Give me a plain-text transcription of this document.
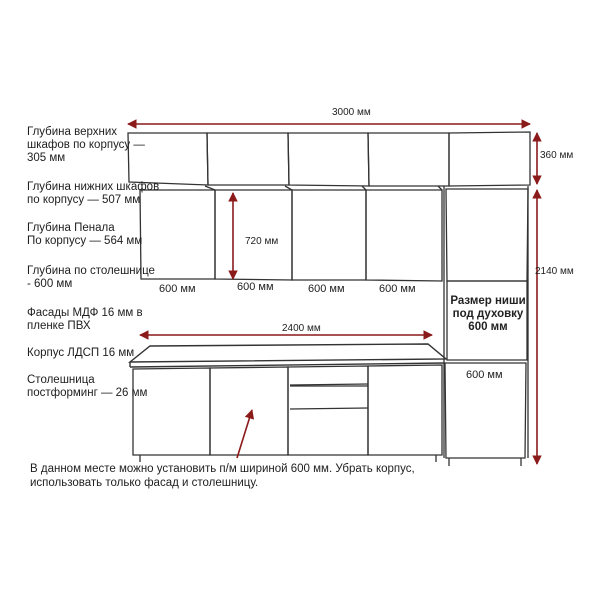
Глубина верхних
шкафов по корпусу —
305 мм
Глубина нижних шкафов
по корпусу — 507 мм
Глубина Пенала
По корпусу — 564 мм
Глубина по столешнице
- 600 мм
Фасады МДФ 16 мм в
пленке ПВХ
Корпус ЛДСП 16 мм
Столешница
постформинг — 26 мм
3000 мм
360 мм
2140 мм
720 мм
2400 мм
600 мм	600 мм	600 мм	600 мм
600 мм
Размер ниши
под духовку
600 мм
В данном месте можно установить п/м шириной 600 мм. Убрать корпус,
использовать только фасад и столешницу.
